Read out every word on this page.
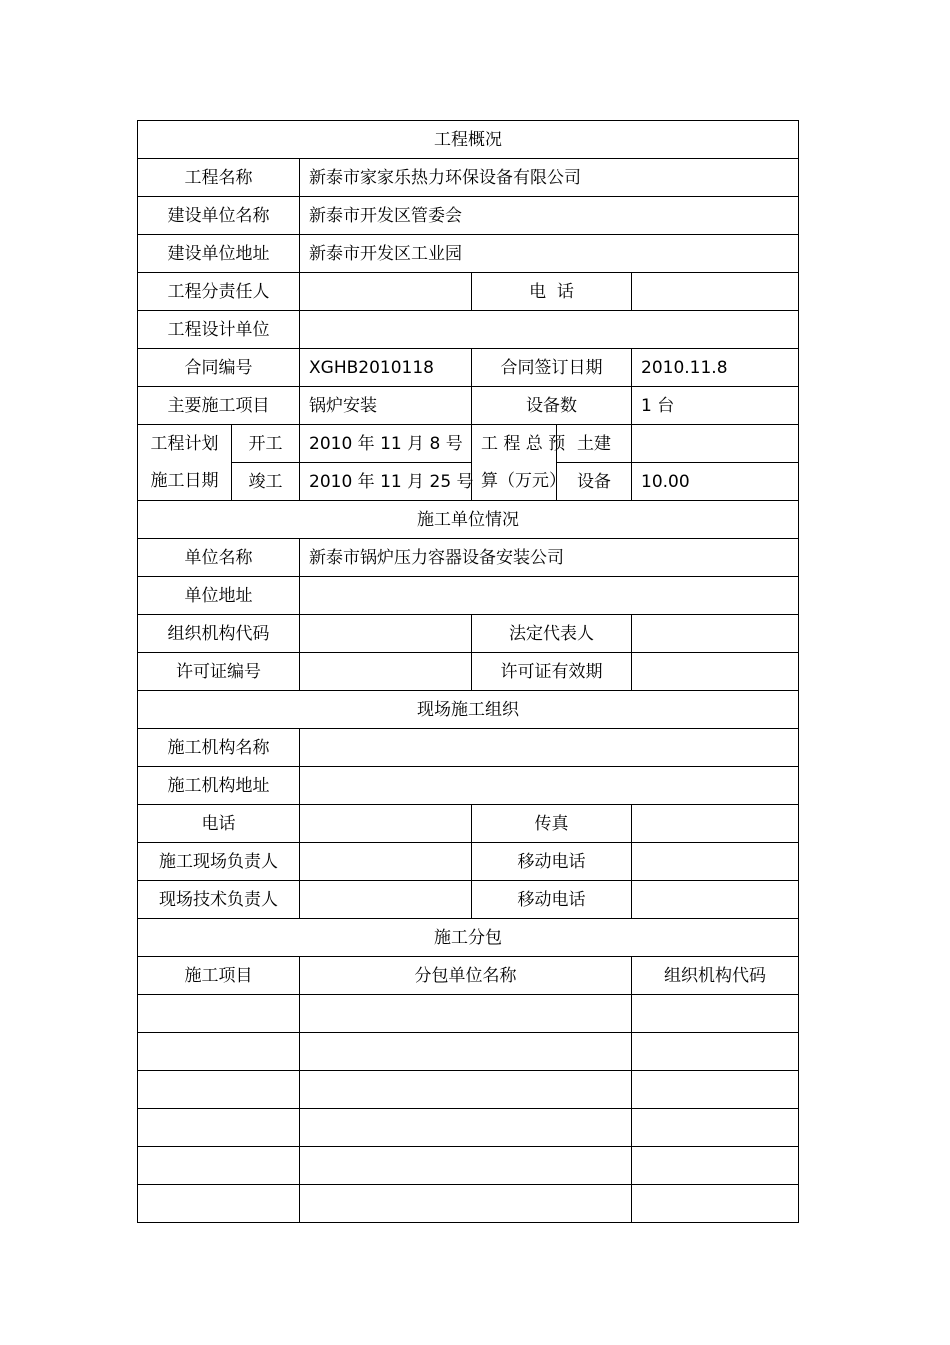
工程概况					
工程名称		新泰市家家乐热力环保设备有限公司			
建设单位名称		新泰市开发区管委会			
建设单位地址		新泰市开发区工业园			
工程分责任人			电  话		
工程设计单位					
合同编号		XGHB2010118	合同签订日期		2010.11.8
主要施工项目		锅炉安装	设备数		1 台
工程计划	开工	2010 年 11 月 8 号	工 程 总 预	土建	
施工日期	竣工	2010 年 11 月 25 号	算（万元）	设备	10.00
施工单位情况					
单位名称		新泰市锅炉压力容器设备安装公司			
单位地址					
组织机构代码			法定代表人		
许可证编号			许可证有效期		
现场施工组织					
施工机构名称					
施工机构地址					
电话			传真		
施工现场负责人			移动电话		
现场技术负责人			移动电话		
施工分包					
施工项目		分包单位名称			组织机构代码
